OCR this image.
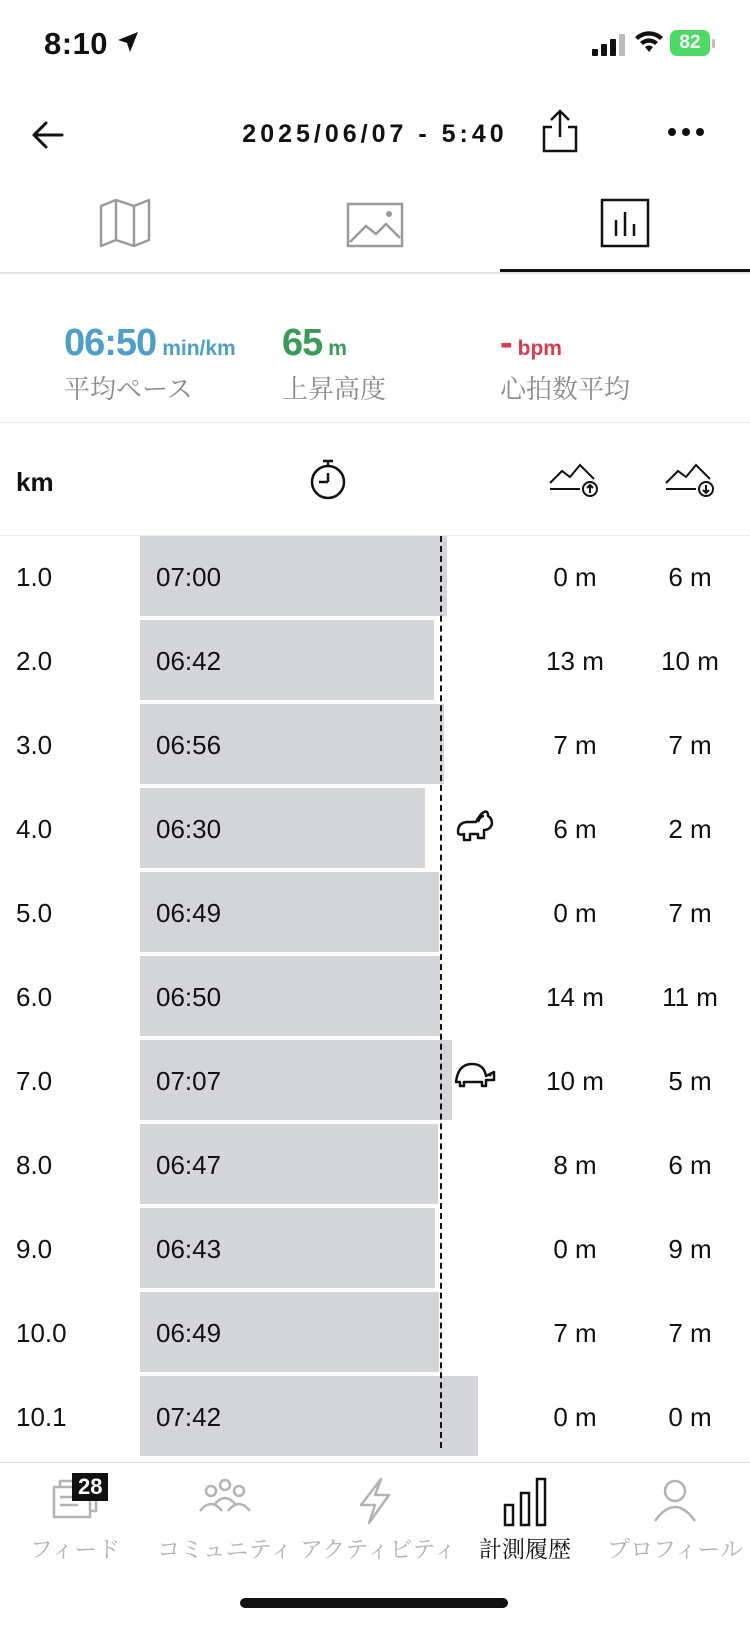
8:10	82
2025/06/07 - 5:40
06:50 min/km
平均ペース
65 m
上昇高度
- bpm
心拍数平均
km
1.0	07:00	0 m	6 m
2.0	06:42	13 m	10 m
3.0	06:56	7 m	7 m
4.0	06:30	6 m	2 m
5.0	06:49	0 m	7 m
6.0	06:50	14 m	11 m
7.0	07:07	10 m	5 m
8.0	06:47	8 m	6 m
9.0	06:43	0 m	9 m
10.0	06:49	7 m	7 m
10.1	07:42	0 m	0 m
28
フィード	コミュニティ アクティビティ 計測履歴	プロフィール
